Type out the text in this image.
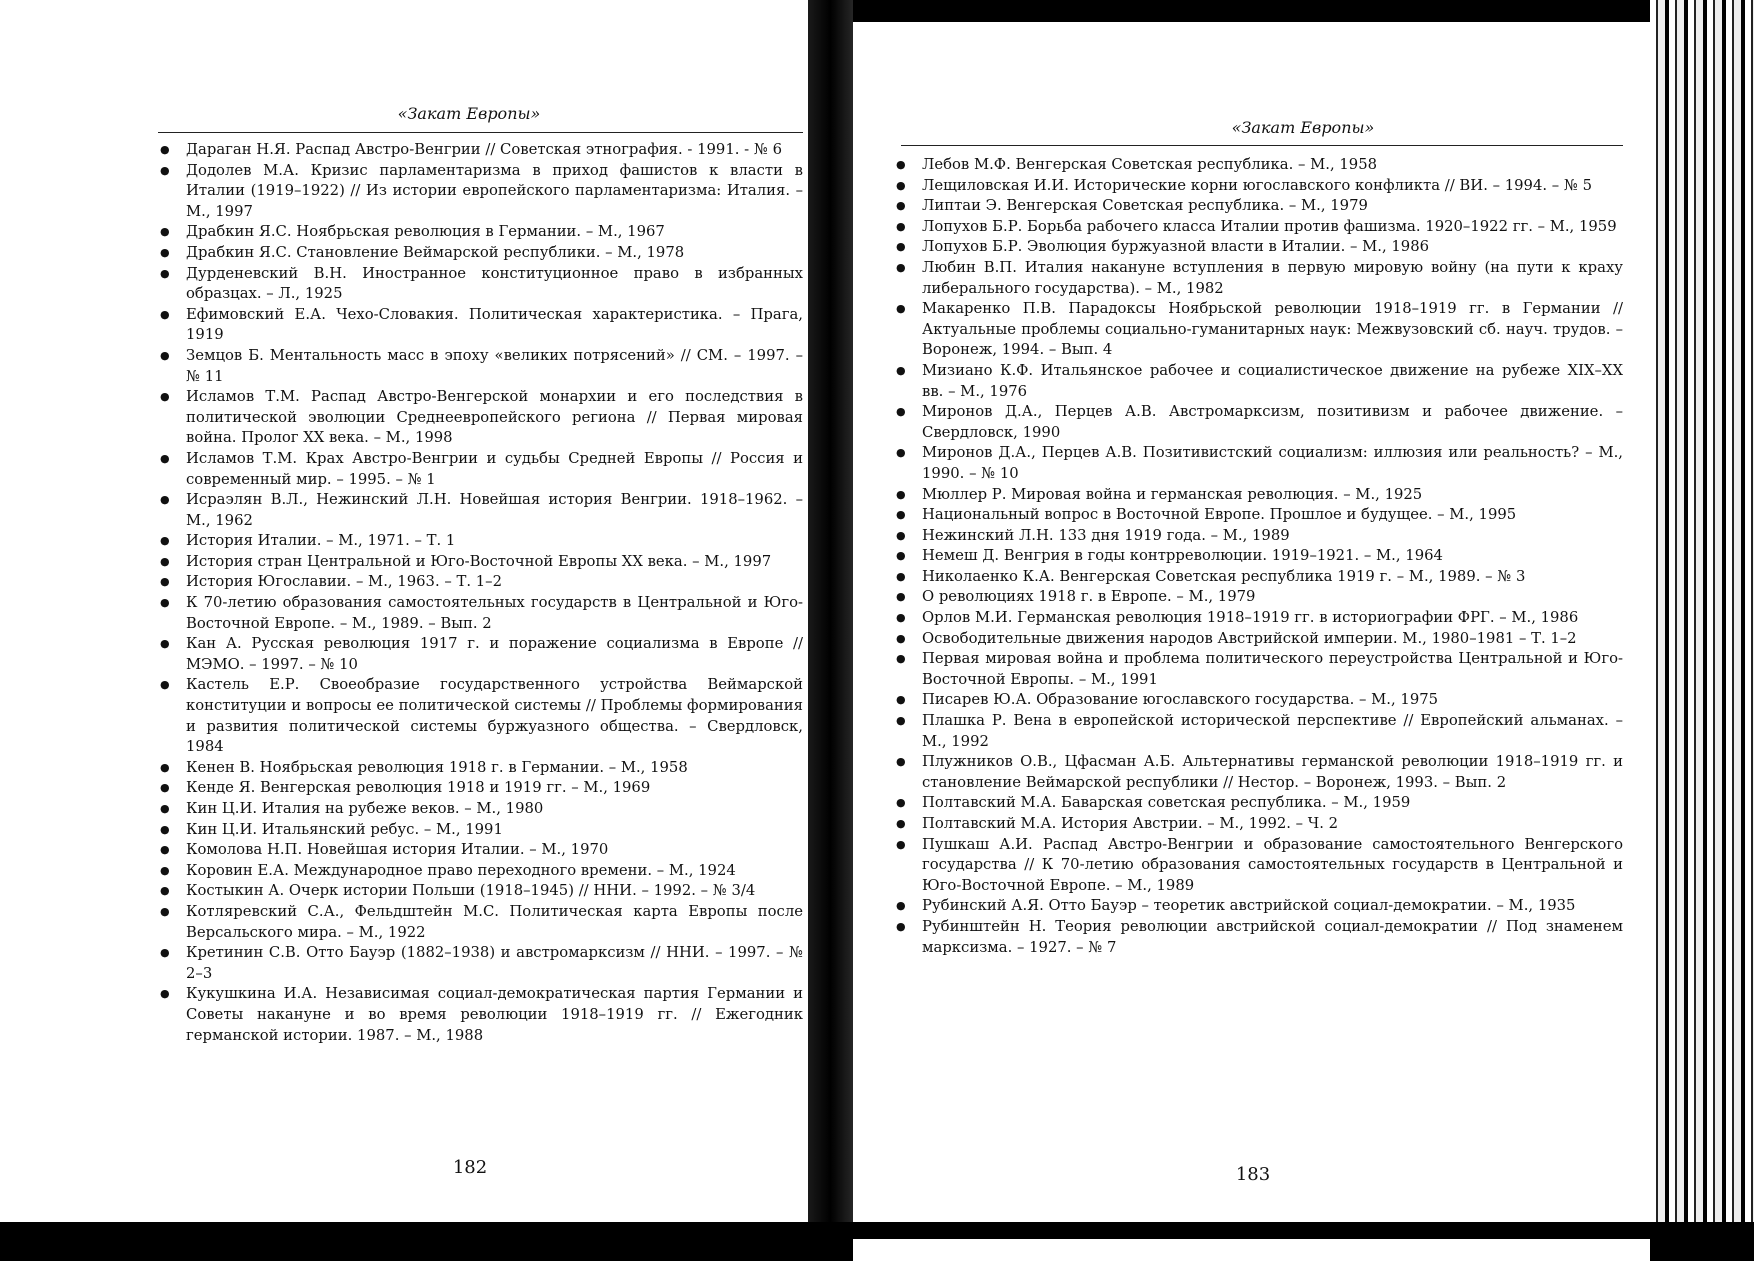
«Закат Европы»
● Дараган Н.Я. Распад Австро-Венгрии // Советская этнография. - 1991. - № 6
● Додолев М.А. Кризис парламентаризма в приход фашистов к власти в Италии (1919–1922) // Из истории европейского парламентаризма: Италия. – М., 1997
● Драбкин Я.С. Ноябрьская революция в Германии. – М., 1967
● Драбкин Я.С. Становление Веймарской республики. – М., 1978
● Дурденевский В.Н. Иностранное конституционное право в избранных образцах. – Л., 1925
● Ефимовский Е.А. Чехо-Словакия. Политическая характеристика. – Прага, 1919
● Земцов Б. Ментальность масс в эпоху «великих потрясений» // СМ. – 1997. – № 11
● Исламов Т.М. Распад Австро-Венгерской монархии и его последствия в политической эволюции Среднеевропейского региона // Первая мировая война. Пролог XX века. – М., 1998
● Исламов Т.М. Крах Австро-Венгрии и судьбы Средней Европы // Россия и современный мир. – 1995. – № 1
● Исраэлян В.Л., Нежинский Л.Н. Новейшая история Венгрии. 1918–1962. – М., 1962
● История Италии. – М., 1971. – Т. 1
● История стран Центральной и Юго-Восточной Европы XX века. – М., 1997
● История Югославии. – М., 1963. – Т. 1–2
● К 70-летию образования самостоятельных государств в Центральной и Юго-Восточной Европе. – М., 1989. – Вып. 2
● Кан А. Русская революция 1917 г. и поражение социализма в Европе // МЭМО. – 1997. – № 10
● Кастель Е.Р. Своеобразие государственного устройства Веймарской конституции и вопросы ее политической системы // Проблемы формирования и развития политической системы буржуазного общества. – Свердловск, 1984
● Кенен В. Ноябрьская революция 1918 г. в Германии. – М., 1958
● Кенде Я. Венгерская революция 1918 и 1919 гг. – М., 1969
● Кин Ц.И. Италия на рубеже веков. – М., 1980
● Кин Ц.И. Итальянский ребус. – М., 1991
● Комолова Н.П. Новейшая история Италии. – М., 1970
● Коровин Е.А. Международное право переходного времени. – М., 1924
● Костыкин А. Очерк истории Польши (1918–1945) // ННИ. – 1992. – № 3/4
● Котляревский С.А., Фельдштейн М.С. Политическая карта Европы после Версальского мира. – М., 1922
● Кретинин С.В. Отто Бауэр (1882–1938) и австромарксизм // ННИ. – 1997. – № 2–3
● Кукушкина И.А. Независимая социал-демократическая партия Германии и Советы накануне и во время революции 1918–1919 гг. // Ежегодник германской истории. 1987. – М., 1988
182
«Закат Европы»
● Лебов М.Ф. Венгерская Советская республика. – М., 1958
● Лещиловская И.И. Исторические корни югославского конфликта // ВИ. – 1994. – № 5
● Липтаи Э. Венгерская Советская республика. – М., 1979
● Лопухов Б.Р. Борьба рабочего класса Италии против фашизма. 1920–1922 гг. – М., 1959
● Лопухов Б.Р. Эволюция буржуазной власти в Италии. – М., 1986
● Любин В.П. Италия накануне вступления в первую мировую войну (на пути к краху либерального государства). – М., 1982
● Макаренко П.В. Парадоксы Ноябрьской революции 1918–1919 гг. в Германии // Актуальные проблемы социально-гуманитарных наук: Межвузовский сб. науч. трудов. – Воронеж, 1994. – Вып. 4
● Мизиано К.Ф. Итальянское рабочее и социалистическое движение на рубеже XIX–XX вв. – М., 1976
● Миронов Д.А., Перцев А.В. Австромарксизм, позитивизм и рабочее движение. – Свердловск, 1990
● Миронов Д.А., Перцев А.В. Позитивистский социализм: иллюзия или реальность? – М., 1990. – № 10
● Мюллер Р. Мировая война и германская революция. – М., 1925
● Национальный вопрос в Восточной Европе. Прошлое и будущее. – М., 1995
● Нежинский Л.Н. 133 дня 1919 года. – М., 1989
● Немеш Д. Венгрия в годы контрреволюции. 1919–1921. – М., 1964
● Николаенко К.А. Венгерская Советская республика 1919 г. – М., 1989. – № 3
● О революциях 1918 г. в Европе. – М., 1979
● Орлов М.И. Германская революция 1918–1919 гг. в историографии ФРГ. – М., 1986
● Освободительные движения народов Австрийской империи. М., 1980–1981 – Т. 1–2
● Первая мировая война и проблема политического переустройства Центральной и Юго-Восточной Европы. – М., 1991
● Писарев Ю.А. Образование югославского государства. – М., 1975
● Плашка Р. Вена в европейской исторической перспективе // Европейский альманах. – М., 1992
● Плужников О.В., Цфасман А.Б. Альтернативы германской революции 1918–1919 гг. и становление Веймарской республики // Нестор. – Воронеж, 1993. – Вып. 2
● Полтавский М.А. Баварская советская республика. – М., 1959
● Полтавский М.А. История Австрии. – М., 1992. – Ч. 2
● Пушкаш А.И. Распад Австро-Венгрии и образование самостоятельного Венгерского государства // К 70-летию образования самостоятельных государств в Центральной и Юго-Восточной Европе. – М., 1989
● Рубинский А.Я. Отто Бауэр – теоретик австрийской социал-демократии. – М., 1935
● Рубинштейн Н. Теория революции австрийской социал-демократии // Под знаменем марксизма. – 1927. – № 7
183
